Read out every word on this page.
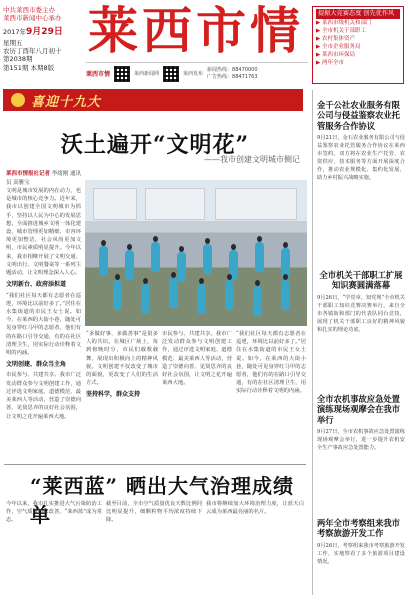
中共莱西市委主办
莱西市新闻中心承办
2017年9月29日
星期五
农历丁酉年八月初十
第2038期
第151期 本期8版
莱西市情
莱西市情	莱西新闻网	莱西发布
新闻热线：88470000
广告热线：88471763
提振大竞赛态度 创先优作风
▶ 莱西市级机关和部门
▶ 全市机关干部职工
▶ 农村集体资产
▶ 全市企业服务局
▶ 莱西市环保局
▶ 两年全市
喜迎十九大
沃土遍开“文明花”
——我市创建文明城市侧记
莱西市情报社记者 李绪刚 通讯员 高雅宝

文明是城市发展的内在动力，也是城市的核心竞争力。近年来，我市以创建全国文明城市为抓手，坚持以人民为中心的发展思想，全面推进城乡文明一体化建设，城市管理更加精细，市容环境更加整洁，社会风尚更加文明，市民素质明显提升。今年以来，我市相继开展了文明交通、文明出行、文明餐桌等一系列主题活动，让文明理念深入人心。

文明新台、政府添担道

“我们社区每天都有志愿者在巡逻，环境比以前好多了。”居住在水集街道的市民王女士说。如今，在莱西的大街小巷，随处可见身穿红马甲的志愿者，他们有的在路口引导交通，有的在社区清理卫生，用实际行动诠释着文明的内涵。

文明创建、群众当主角

市民参与、共建共享。我市广泛发动群众参与文明创建工作，通过评选文明家庭、道德模范、最美莱西人等活动，营造了崇德向善、见贤思齐的良好社会氛围，让文明之花开遍莱西大地。

“多做好事、多做善事”是很多人的共识。在城区广场上，每到傍晚时分，市民们载歌载舞，展现出积极向上的精神风貌。文明创建不仅改变了城市的面貌，更改变了人们的生活方式。

坚持科学，群众支持

市民参与、共建共享。我市广泛发动群众参与文明创建工作，通过评选文明家庭、道德模范、最美莱西人等活动，营造了崇德向善、见贤思齐的良好社会氛围，让文明之花开遍莱西大地。

“我们社区每天都有志愿者在巡逻，环境比以前好多了。”居住在水集街道的市民王女士说。如今，在莱西的大街小巷，随处可见身穿红马甲的志愿者，他们有的在路口引导交通，有的在社区清理卫生，用实际行动诠释着文明的内涵。

“莱西蓝” 晒出大气治理成绩单

今年以来，我市扎实推进大气污染防治工作，空气质量持续改善，“莱西蓝”成为常态。

截至目前，全市空气质量优良天数比例同比明显提升，细颗粒物平均浓度持续下降。

我市将继续加大环境治理力度，让蓝天白云成为莱西最亮丽的名片。

金千公社农业服务有限公司与侵益鉴察农业托管服务合作协议
9月21日，金石农业服务有限公司与侵益鉴察农业托管服务合作协议在莱西市签约。双方将在农业生产托管、农资供应、技术服务等方面开展深度合作，推动农业规模化、集约化发展，助力乡村振兴战略实施。
全市机关干部职工扩展知识赛圆满落幕
9月26日，“学党章、知党规”全市机关干部职工知识竞赛决赛举行。来自全市各镇街和部门的代表队同台竞技，展现了机关干部职工良好的精神风貌和扎实的理论功底。
全市农机事故应急处置演练现场观摩会在我市举行
9月27日，全市农机事故应急处置演练现场观摩会举行，进一步提升农机安全生产事故应急处置能力。
两年全市考察组来我市考察旅游开发工作
9月26日，考察组来我市考察旅游开发工作，实地察看了多个旅游项目建设情况。
